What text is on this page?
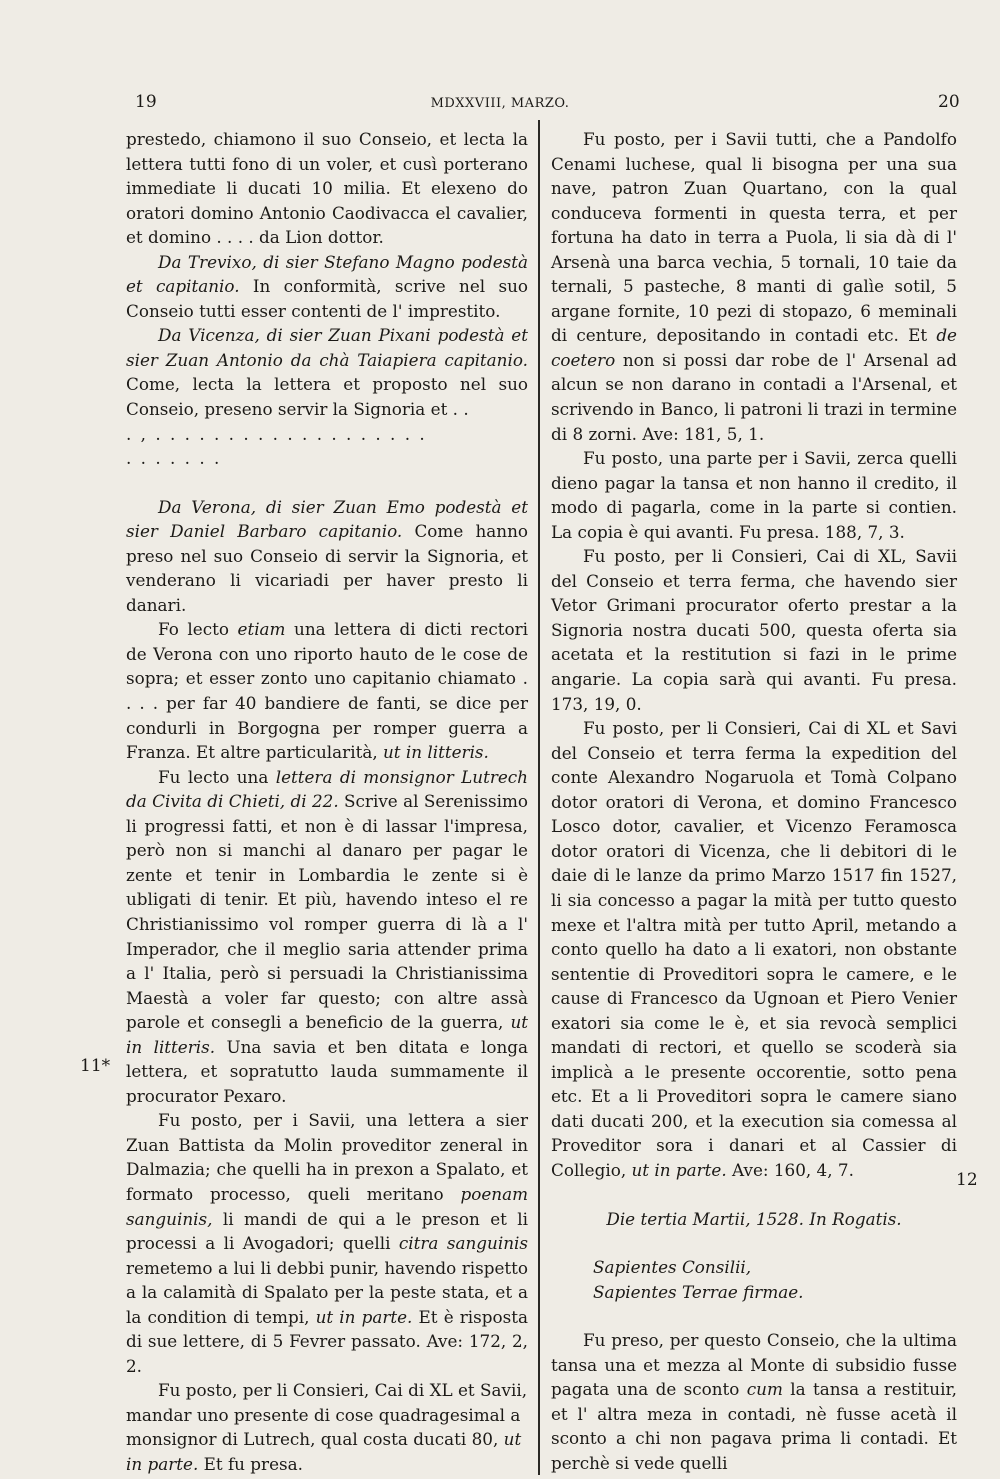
19	MDXXVIII, MARZO.	20
11*
12

prestedo, chiamono il suo Conseio, et lecta la lettera tutti fono di un voler, et cusì porterano immediate li ducati 10 milia. Et elexeno do oratori domino Antonio Caodivacca el cavalier, et domino . . . . da Lion dottor.

Da Trevixo, di sier Stefano Magno podestà et capitanio. In conformità, scrive nel suo Conseio tutti esser contenti de l' imprestito.

Da Vicenza, di sier Zuan Pixani podestà et sier Zuan Antonio da chà Taiapiera capitanio. Come, lecta la lettera et proposto nel suo Conseio, preseno servir la Signoria et . .

. , . . . . . . . . . . . . . . . . . . .

. . . . . . .

Da Verona, di sier Zuan Emo podestà et sier Daniel Barbaro capitanio. Come hanno preso nel suo Conseio di servir la Signoria, et venderano li vicariadi per haver presto li danari.

Fo lecto etiam una lettera di dicti rectori de Verona con uno riporto hauto de le cose de sopra; et esser zonto uno capitanio chiamato . . . . per far 40 bandiere de fanti, se dice per condurli in Borgogna per romper guerra a Franza. Et altre particularità, ut in litteris.

Fu lecto una lettera di monsignor Lutrech da Civita di Chieti, di 22. Scrive al Serenissimo li progressi fatti, et non è di lassar l'impresa, però non si manchi al danaro per pagar le zente et tenir in Lombardia le zente si è ubligati di tenir. Et più, havendo inteso el re Christianissimo vol romper guerra di là a l' Imperador, che il meglio saria attender prima a l' Italia, però si persuadi la Christianissima Maestà a voler far questo; con altre assà parole et consegli a beneficio de la guerra, ut in litteris. Una savia et ben ditata e longa lettera, et sopratutto lauda summamente il procurator Pexaro.

Fu posto, per i Savii, una lettera a sier Zuan Battista da Molin proveditor zeneral in Dalmazia; che quelli ha in prexon a Spalato, et formato processo, queli meritano poenam sanguinis, li mandi de qui a le preson et li processi a li Avogadori; quelli citra sanguinis remetemo a lui li debbi punir, havendo rispetto a la calamità di Spalato per la peste stata, et a la condition di tempi, ut in parte. Et è risposta di sue lettere, di 5 Fevrer passato. Ave: 172, 2, 2.

Fu posto, per li Consieri, Cai di XL et Savii, mandar uno presente di cose quadragesimal a monsignor di Lutrech, qual costa ducati 80, ut in parte. Et fu presa.

Fu posto, per i Savii tutti, che a Pandolfo Cenami luchese, qual li bisogna per una sua nave, patron Zuan Quartano, con la qual conduceva formenti in questa terra, et per fortuna ha dato in terra a Puola, li sia dà di l' Arsenà una barca vechia, 5 tornali, 10 taie da ternali, 5 pasteche, 8 manti di galìe sotil, 5 argane fornite, 10 pezi di stopazo, 6 meminali di centure, depositando in contadi etc. Et de coetero non si possi dar robe de l' Arsenal ad alcun se non darano in contadi a l'Arsenal, et scrivendo in Banco, li patroni li trazi in termine di 8 zorni. Ave: 181, 5, 1.

Fu posto, una parte per i Savii, zerca quelli dieno pagar la tansa et non hanno il credito, il modo di pagarla, come in la parte si contien. La copia è qui avanti. Fu presa. 188, 7, 3.

Fu posto, per li Consieri, Cai di XL, Savii del Conseio et terra ferma, che havendo sier Vetor Grimani procurator oferto prestar a la Signoria nostra ducati 500, questa oferta sia acetata et la restitution si fazi in le prime angarie. La copia sarà qui avanti. Fu presa. 173, 19, 0.

Fu posto, per li Consieri, Cai di XL et Savi del Conseio et terra ferma la expedition del conte Alexandro Nogaruola et Tomà Colpano dotor oratori di Verona, et domino Francesco Losco dotor, cavalier, et Vicenzo Feramosca dotor oratori di Vicenza, che li debitori di le daie di le lanze da primo Marzo 1517 fin 1527, li sia concesso a pagar la mità per tutto questo mexe et l'altra mità per tutto April, metando a conto quello ha dato a li exatori, non obstante sententie di Proveditori sopra le camere, e le cause di Francesco da Ugnoan et Piero Venier exatori sia come le è, et sia revocà semplici mandati di rectori, et quello se scoderà sia implicà a le presente occorentie, sotto pena etc. Et a li Proveditori sopra le camere siano dati ducati 200, et la execution sia comessa al Proveditor sora i danari et al Cassier di Collegio, ut in parte. Ave: 160, 4, 7.

Die tertia Martii, 1528. In Rogatis.

Sapientes Consilii,

Sapientes Terrae firmae.

Fu preso, per questo Conseio, che la ultima tansa una et mezza al Monte di subsidio fusse pagata una de sconto cum la tansa a restituir, et l' altra meza in contadi, nè fusse acetà il sconto a chi non pagava prima li contadi. Et perchè si vede quelli
